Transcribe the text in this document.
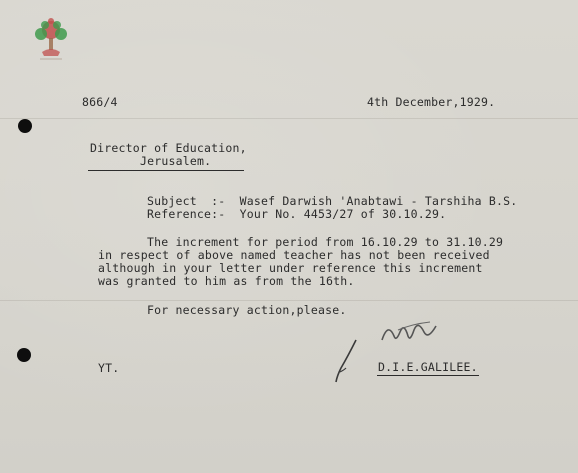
866/4	4th December,1929.
Director of Education,
Jerusalem.
Subject  :-  Wasef Darwish 'Anabtawi - Tarshiha B.S.
Reference:-  Your No. 4453/27 of 30.10.29.
The increment for period from 16.10.29 to 31.10.29
in respect of above named teacher has not been received
although in your letter under reference this increment
was granted to him as from the 16th.
For necessary action,please.
YT.	D.I.E.GALILEE.
